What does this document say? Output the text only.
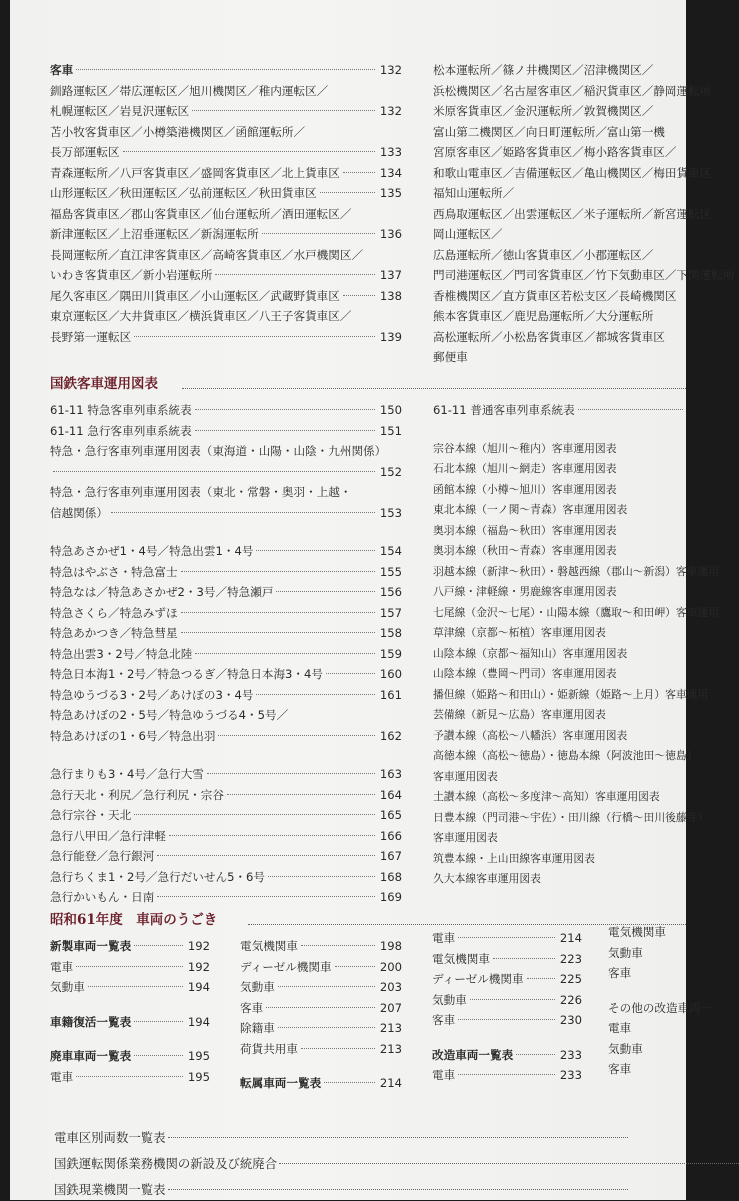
客車	132
釧路運転区／帯広運転区／旭川機関区／稚内運転区／
札幌運転区／岩見沢運転区	132
苫小牧客貨車区／小樽築港機関区／函館運転所／
長万部運転区	133
青森運転所／八戸客貨車区／盛岡客貨車区／北上貨車区	134
山形運転区／秋田運転区／弘前運転区／秋田貨車区	135
福島客貨車区／郡山客貨車区／仙台運転所／酒田運転区／
新津運転区／上沼垂運転区／新潟運転所	136
長岡運転所／直江津客貨車区／高崎客貨車区／水戸機関区／
いわき客貨車区／新小岩運転所	137
尾久客車区／隅田川貨車区／小山運転区／武蔵野貨車区	138
東京運転区／大井貨車区／横浜貨車区／八王子客貨車区／
長野第一運転区	139
松本運転所／篠ノ井機関区／沼津機関区／
浜松機関区／名古屋客車区／稲沢貨車区／静岡運転所
米原客貨車区／金沢運転所／敦賀機関区／
富山第二機関区／向日町運転所／富山第一機
宮原客車区／姫路客貨車区／梅小路客貨車区／
和歌山電車区／吉備運転区／亀山機関区／梅田貨車区
福知山運転所／
西鳥取運転区／出雲運転区／米子運転所／新宮運転区
岡山運転区／
広島運転所／徳山客貨車区／小郡運転区／
門司港運転区／門司客貨車区／竹下気動車区／下関運転所
香椎機関区／直方貨車区若松支区／長崎機関区
熊本客貨車区／鹿児島運転所／大分運転所
高松運転所／小松島客貨車区／都城客貨車区
郵便車
国鉄客車運用図表
61-11 特急客車列車系統表	150
61-11 急行客車列車系統表	151
特急・急行客車列車運用図表（東海道・山陽・山陰・九州関係）
152
特急・急行客車列車運用図表（東北・常磐・奥羽・上越・
信越関係）	153
特急あさかぜ1・4号／特急出雲1・4号	154
特急はやぶさ・特急富士	155
特急なは／特急あさかぜ2・3号／特急瀬戸	156
特急さくら／特急みずほ	157
特急あかつき／特急彗星	158
特急出雲3・2号／特急北陸	159
特急日本海1・2号／特急つるぎ／特急日本海3・4号	160
特急ゆうづる3・2号／あけぼの3・4号	161
特急あけぼの2・5号／特急ゆうづる4・5号／
特急あけぼの1・6号／特急出羽	162
急行まりも3・4号／急行大雪	163
急行天北・利尻／急行利尻・宗谷	164
急行宗谷・天北	165
急行八甲田／急行津軽	166
急行能登／急行銀河	167
急行ちくま1・2号／急行だいせん5・6号	168
急行かいもん・日南	169
61-11 普通客車列車系統表
宗谷本線（旭川～稚内）客車運用図表
石北本線（旭川～網走）客車運用図表
函館本線（小樽～旭川）客車運用図表
東北本線（一ノ関～青森）客車運用図表
奥羽本線（福島～秋田）客車運用図表
奥羽本線（秋田～青森）客車運用図表
羽越本線（新津～秋田）・磐越西線（郡山～新潟）客車運用
八戸線・津軽線・男鹿線客車運用図表
七尾線（金沢～七尾）・山陽本線（鷹取～和田岬）客車運用
草津線（京都～柘植）客車運用図表
山陰本線（京都～福知山）客車運用図表
山陰本線（豊岡～門司）客車運用図表
播但線（姫路～和田山）・姫新線（姫路～上月）客車運用
芸備線（新見～広島）客車運用図表
予讃本線（高松～八幡浜）客車運用図表
高徳本線（高松～徳島）・徳島本線（阿波池田～徳島）
客車運用図表
土讃本線（高松～多度津～高知）客車運用図表
日豊本線（門司港～宇佐）・田川線（行橋～田川後藤寺）
客車運用図表
筑豊本線・上山田線客車運用図表
久大本線客車運用図表
昭和61年度　車両のうごき
新製車両一覧表	192
電車	192
気動車	194
車籍復活一覧表	194
廃車車両一覧表	195
電車	195
電気機関車	198
ディーゼル機関車	200
気動車	203
客車	207
除籍車	213
荷貨共用車	213
転属車両一覧表	214
電車	214
電気機関車	223
ディーゼル機関車	225
気動車	226
客車	230
改造車両一覧表	233
電車	233
電気機関車
気動車
客車
その他の改造車両一
電車
気動車
客車
電車区別両数一覧表
国鉄運転関係業務機関の新設及び統廃合
国鉄現業機関一覧表
